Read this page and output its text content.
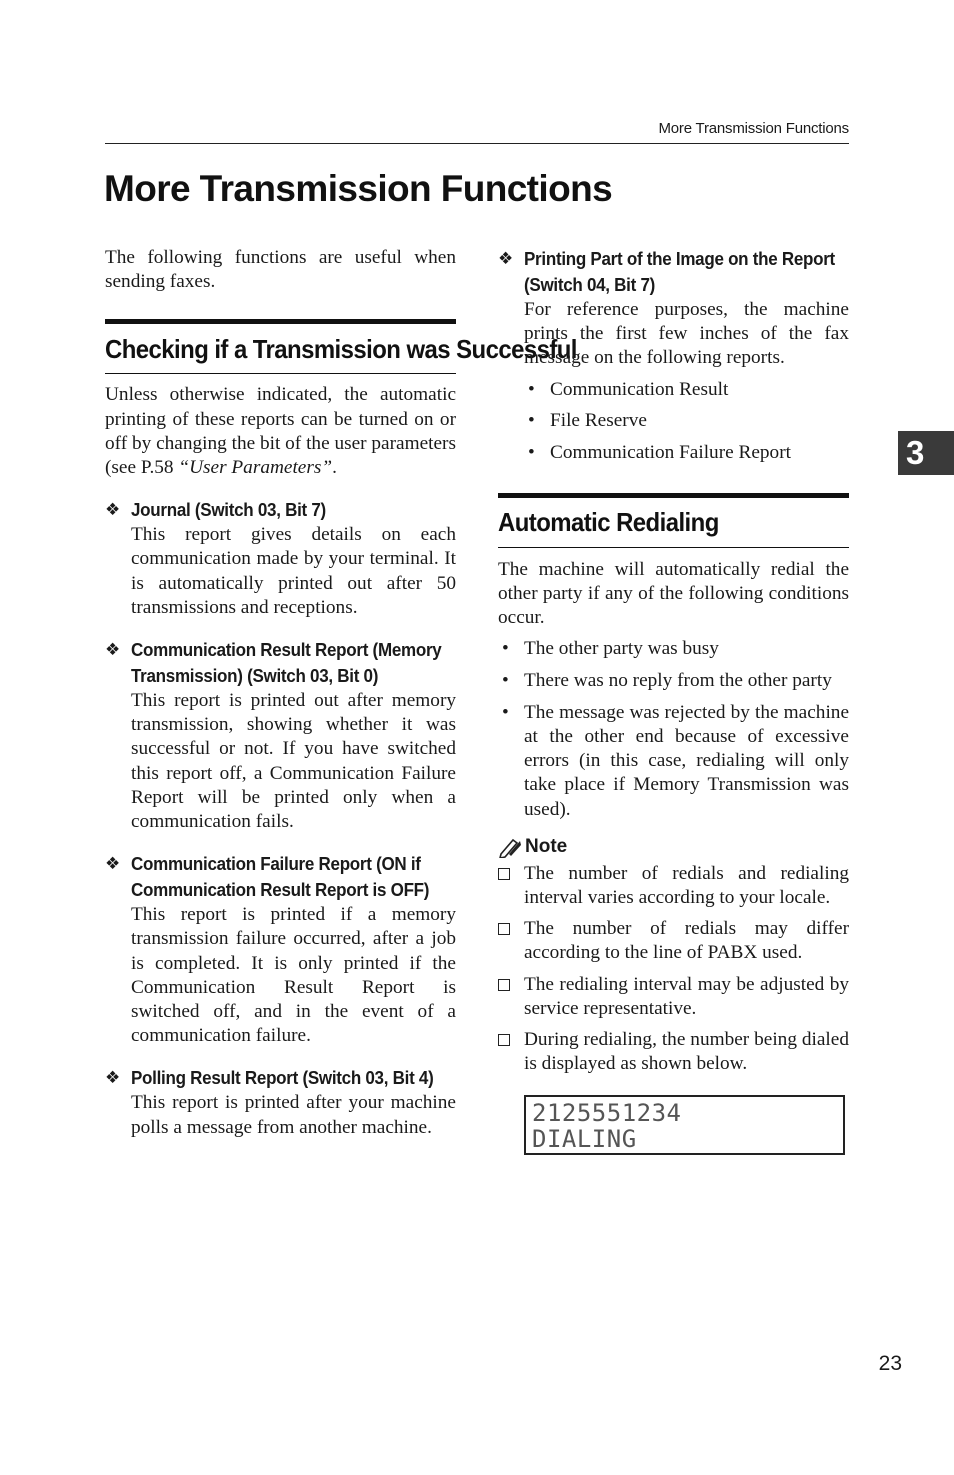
More Transmission Functions
More Transmission Functions

The following functions are useful when sending faxes.

Checking if a Transmission was Successful

Unless otherwise indicated, the automatic printing of these reports can be turned on or off by changing the bit of the user parameters (see P.58 “User Parameters”.

❖ Journal (Switch 03, Bit 7)

This report gives details on each communication made by your terminal. It is automatically printed out after 50 transmissions and receptions.

❖ Communication Result Report (Memory Transmission) (Switch 03, Bit 0)

This report is printed out after memory transmission, showing whether it was successful or not. If you have switched this report off, a Communication Failure Report will be printed only when a communication fails.

❖ Communication Failure Report (ON if Communication Result Report is OFF)

This report is printed if a memory transmission failure occurred, after a job is completed. It is only printed if the Communication Result Report is switched off, and in the event of a communication failure.

❖ Polling Result Report (Switch 03, Bit 4)

This report is printed after your machine polls a message from another machine.

❖ Printing Part of the Image on the Report (Switch 04, Bit 7)

For reference purposes, the machine prints the first few inches of the fax message on the following reports.

• Communication Result
• File Reserve
• Communication Failure Report
Automatic Redialing

The machine will automatically redial the other party if any of the following conditions occur.

• The other party was busy
• There was no reply from the other party
• The message was rejected by the machine at the other end because of excessive errors (in this case, redialing will only take place if Memory Transmission was used).
Note
The number of redials and redialing interval varies according to your locale.
The number of redials may differ according to the line of PABX used.
The redialing interval may be adjusted by service representative.
During redialing, the number being dialed is displayed as shown below.
2125551234
DIALING
3
23
